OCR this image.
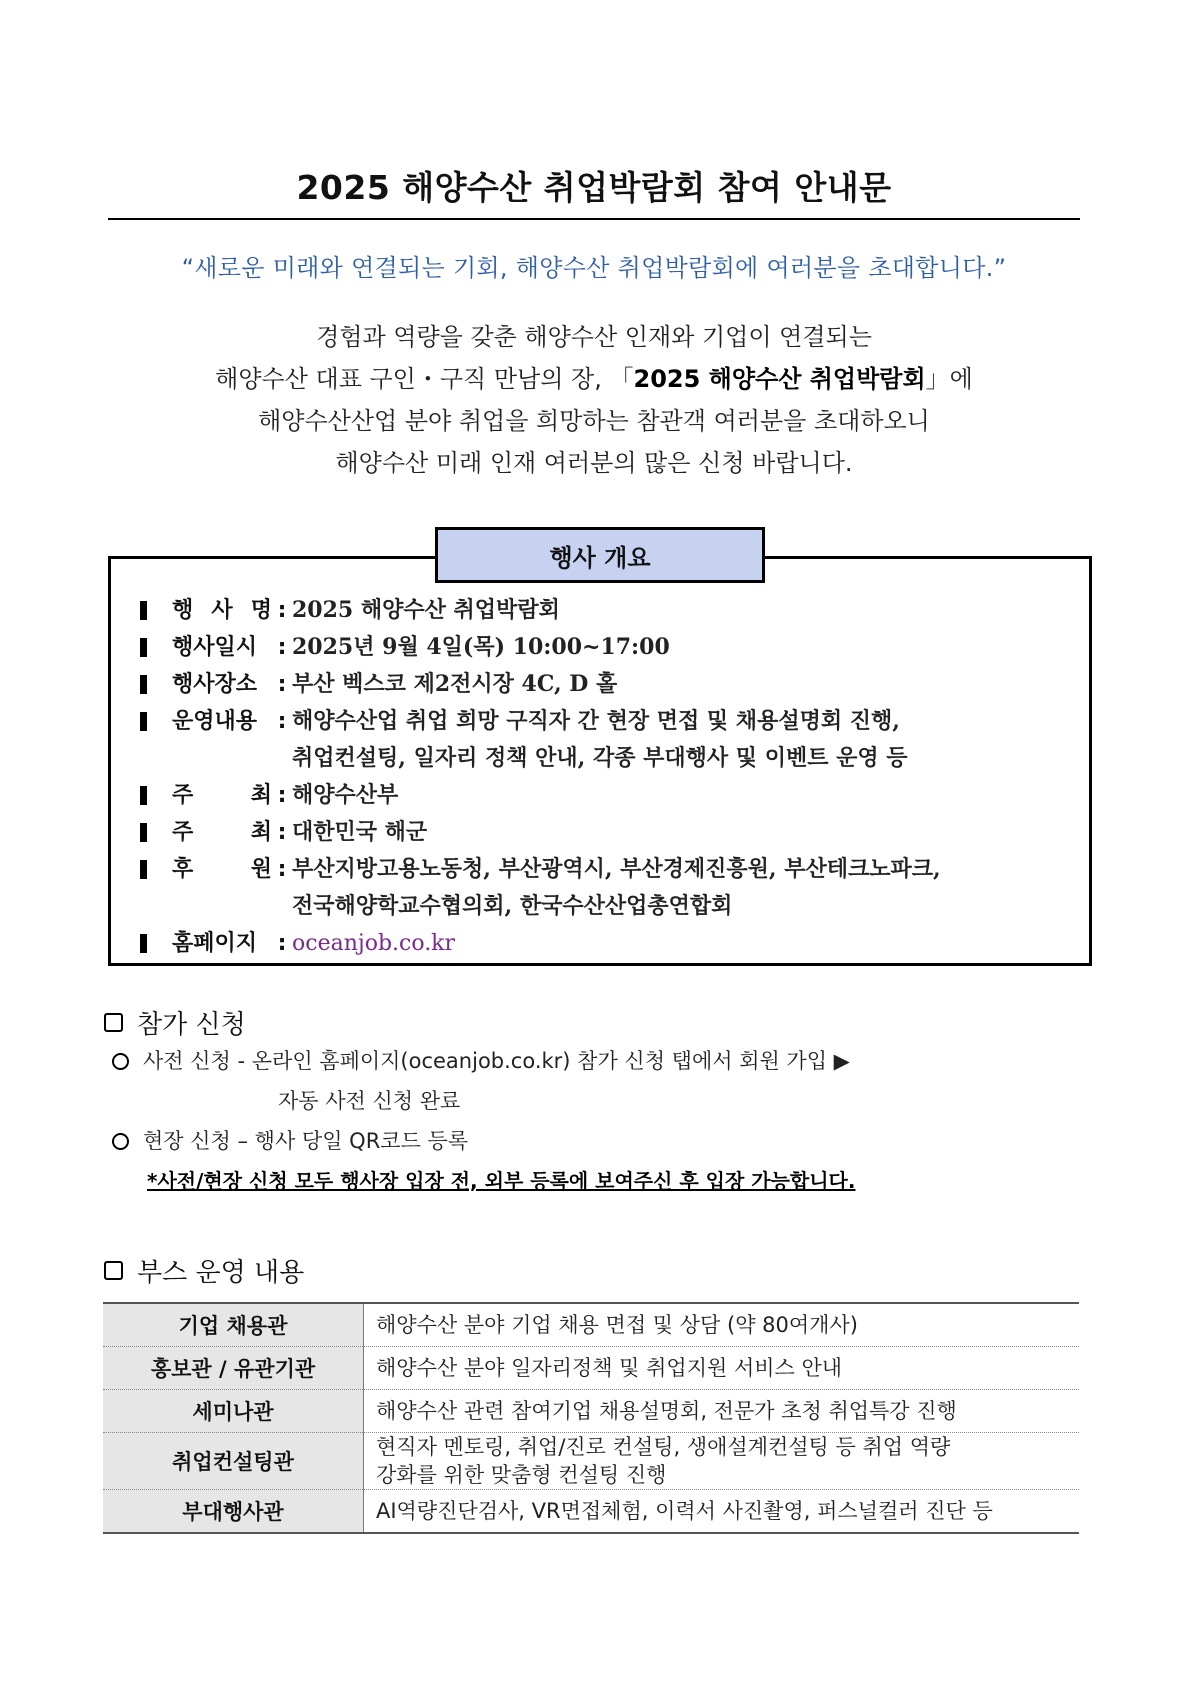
2025 해양수산 취업박람회 참여 안내문
“새로운 미래와 연결되는 기회, 해양수산 취업박람회에 여러분을 초대합니다.”
경험과 역량을 갖춘 해양수산 인재와 기업이 연결되는
해양수산 대표 구인・구직 만남의 장, 「2025 해양수산 취업박람회」에
해양수산산업 분야 취업을 희망하는 참관객 여러분을 초대하오니
해양수산 미래 인재 여러분의 많은 신청 바랍니다.
행사 개요
행 사 명 : 2025 해양수산 취업박람회
행사일시 : 2025년 9월 4일(목) 10:00~17:00
행사장소 : 부산 벡스코 제2전시장 4C, D 홀
운영내용 : 해양수산업 취업 희망 구직자 간 현장 면접 및 채용설명회 진행,
취업컨설팅, 일자리 정책 안내, 각종 부대행사 및 이벤트 운영 등
주	최 : 해양수산부
주	최 : 대한민국 해군
후	원 : 부산지방고용노동청, 부산광역시, 부산경제진흥원, 부산테크노파크,
전국해양학교수협의회, 한국수산산업총연합회
홈페이지 : oceanjob.co.kr
참가 신청
사전 신청 - 온라인 홈페이지(oceanjob.co.kr) 참가 신청 탭에서 회원 가입 ▶
자동 사전 신청 완료
현장 신청 – 행사 당일 QR코드 등록
*사전/현장 신청 모두 행사장 입장 전, 외부 등록에 보여주신 후 입장 가능합니다.
부스 운영 내용
기업 채용관	해양수산 분야 기업 채용 면접 및 상담 (약 80여개사)
홍보관 / 유관기관	해양수산 분야 일자리정책 및 취업지원 서비스 안내
세미나관	해양수산 관련 참여기업 채용설명회, 전문가 초청 취업특강 진행
취업컨설팅관	현직자 멘토링, 취업/진로 컨설팅, 생애설계컨설팅 등 취업 역량
강화를 위한 맞춤형 컨설팅 진행

부대행사관	AI역량진단검사, VR면접체험, 이력서 사진촬영, 퍼스널컬러 진단 등
